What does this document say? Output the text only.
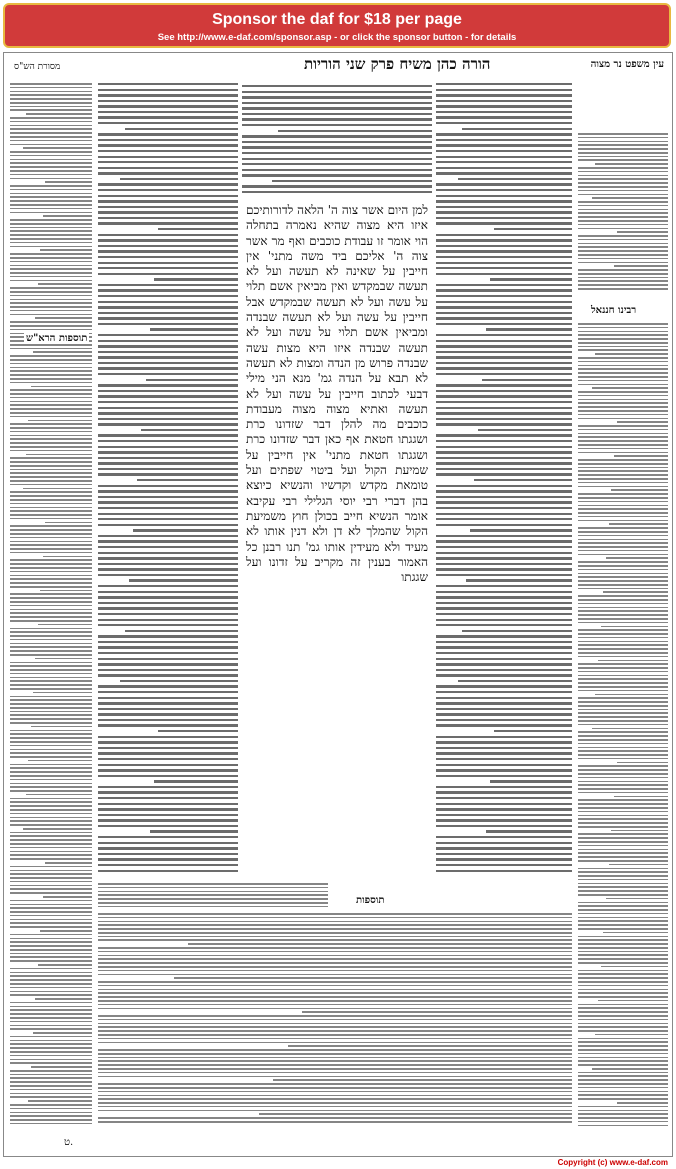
Sponsor the daf for $18 per page
See http://www.e-daf.com/sponsor.asp - or click the sponsor button - for details
הורה כהן משיח פרק שני הוריות
מסורת הש"ס	עין משפט נר מצוה
תוספות הרא"ש
למן היום אשר צוה ה' הלאה לדורותיכם איזו היא מצוה שהיא נאמרה בתחלה הוי אומר זו עבודת כוכבים ואף מר אשר צוה ה' אליכם ביד משה מתני' אין חייבין על שאינה לא תעשה ועל לא תעשה שבמקדש ואין מביאין אשם תלוי על עשה ועל לא תעשה שבמקדש אבל חייבין על עשה ועל לא תעשה שבנדה ומביאין אשם תלוי על עשה ועל לא תעשה שבנדה איזו היא מצות עשה שבנדה פרוש מן הנדה ומצות לא תעשה לא תבא על הנדה גמ' מנא הני מילי דבעי לכתוב חייבין על עשה ועל לא תעשה ואתיא מצוה מצוה מעבודת כוכבים מה להלן דבר שזדונו כרת ושגגתו חטאת אף כאן דבר שזדונו כרת ושגגתו חטאת מתני' אין חייבין על שמיעת הקול ועל ביטוי שפתים ועל טומאת מקדש וקדשיו והנשיא כיוצא בהן דברי רבי יוסי הגלילי רבי עקיבא אומר הנשיא חייב בכולן חוץ משמיעת הקול שהמלך לא דן ולא דנין אותו לא מעיד ולא מעידין אותו גמ' תנו רבנן כל האמור בענין זה מקריב על זדונו ועל שגגתו
רבינו חננאל
תוספות
ט.
Copyright (c) www.e-daf.com
